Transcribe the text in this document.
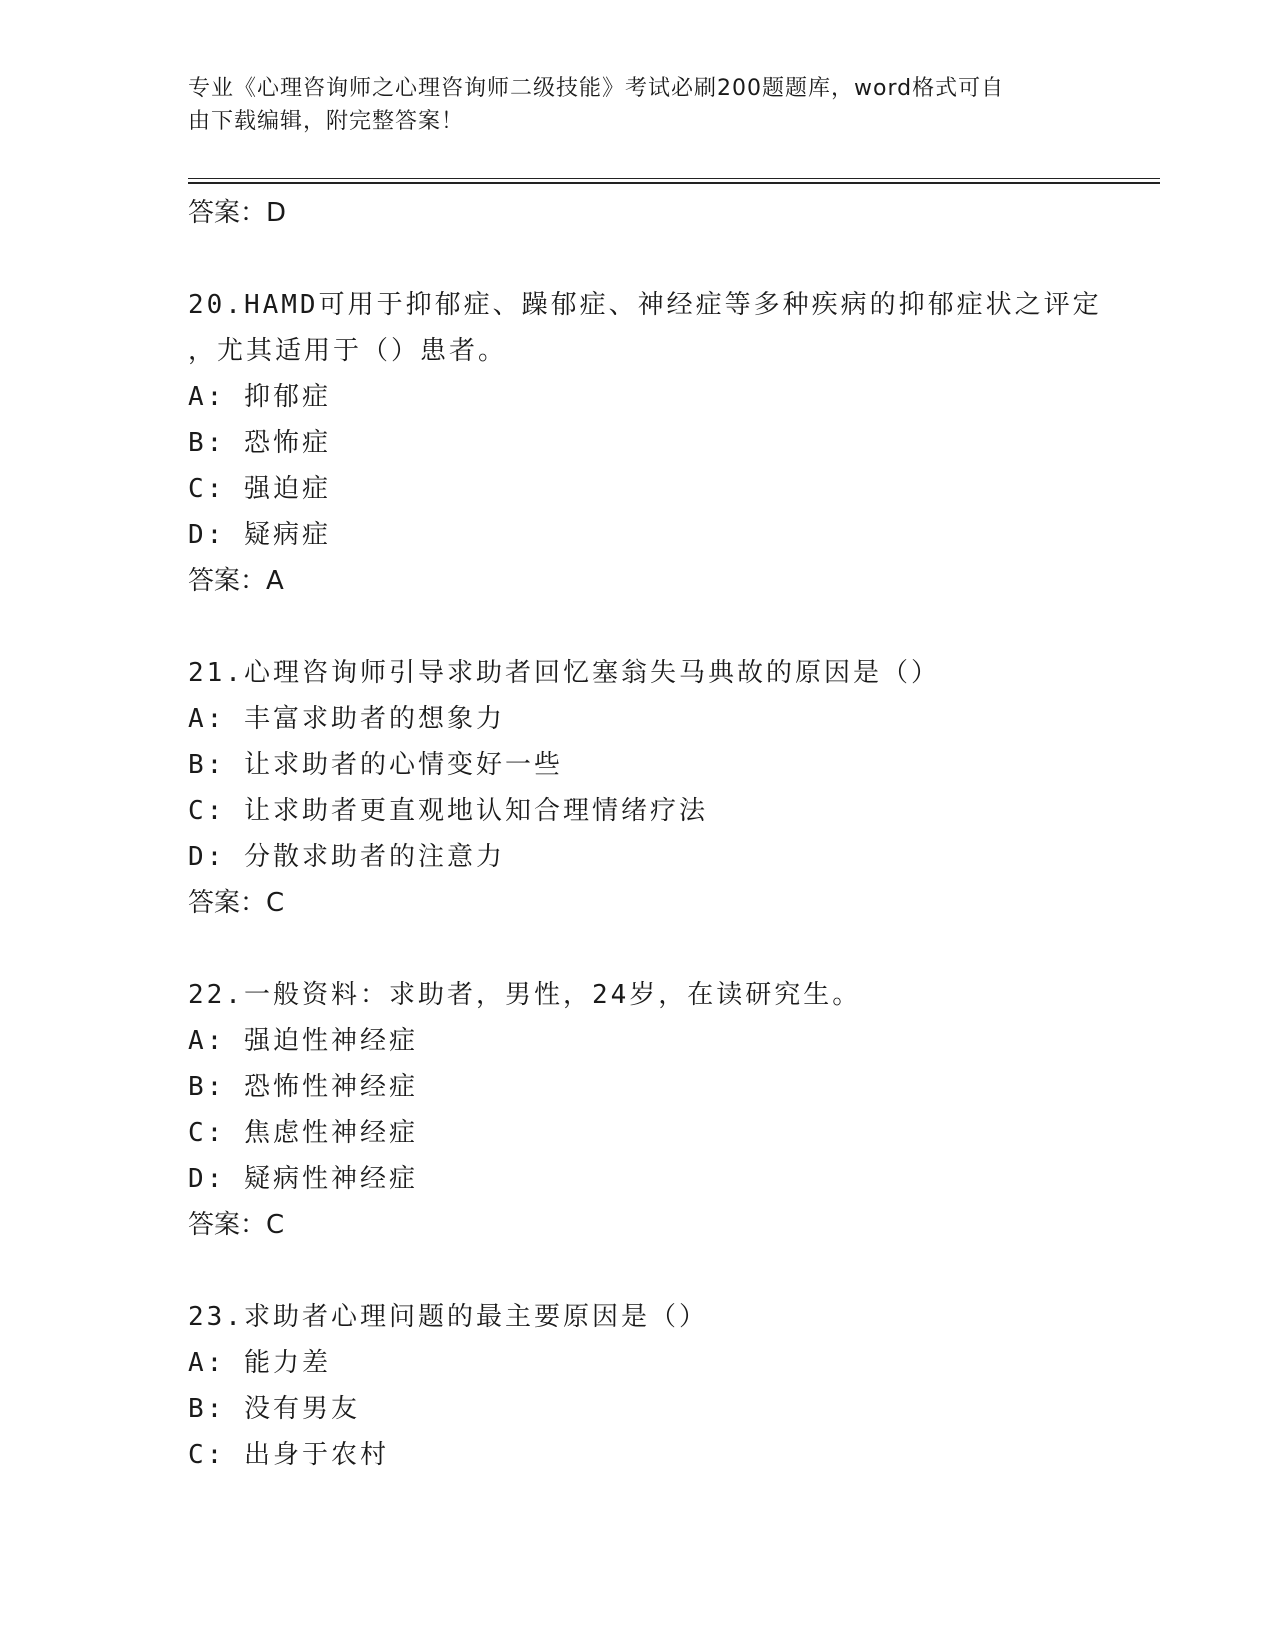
专业《心理咨询师之心理咨询师二级技能》考试必刷200题题库，word格式可自
由下载编辑，附完整答案！
答案：D
20.HAMD可用于抑郁症、躁郁症、神经症等多种疾病的抑郁症状之评定
，尤其适用于（）患者。
A: 抑郁症
B: 恐怖症
C: 强迫症
D: 疑病症
答案：A
21.心理咨询师引导求助者回忆塞翁失马典故的原因是（）
A: 丰富求助者的想象力
B: 让求助者的心情变好一些
C: 让求助者更直观地认知合理情绪疗法
D: 分散求助者的注意力
答案：C
22.一般资料：求助者，男性，24岁，在读研究生。
A: 强迫性神经症
B: 恐怖性神经症
C: 焦虑性神经症
D: 疑病性神经症
答案：C
23.求助者心理问题的最主要原因是（）
A: 能力差
B: 没有男友
C: 出身于农村
